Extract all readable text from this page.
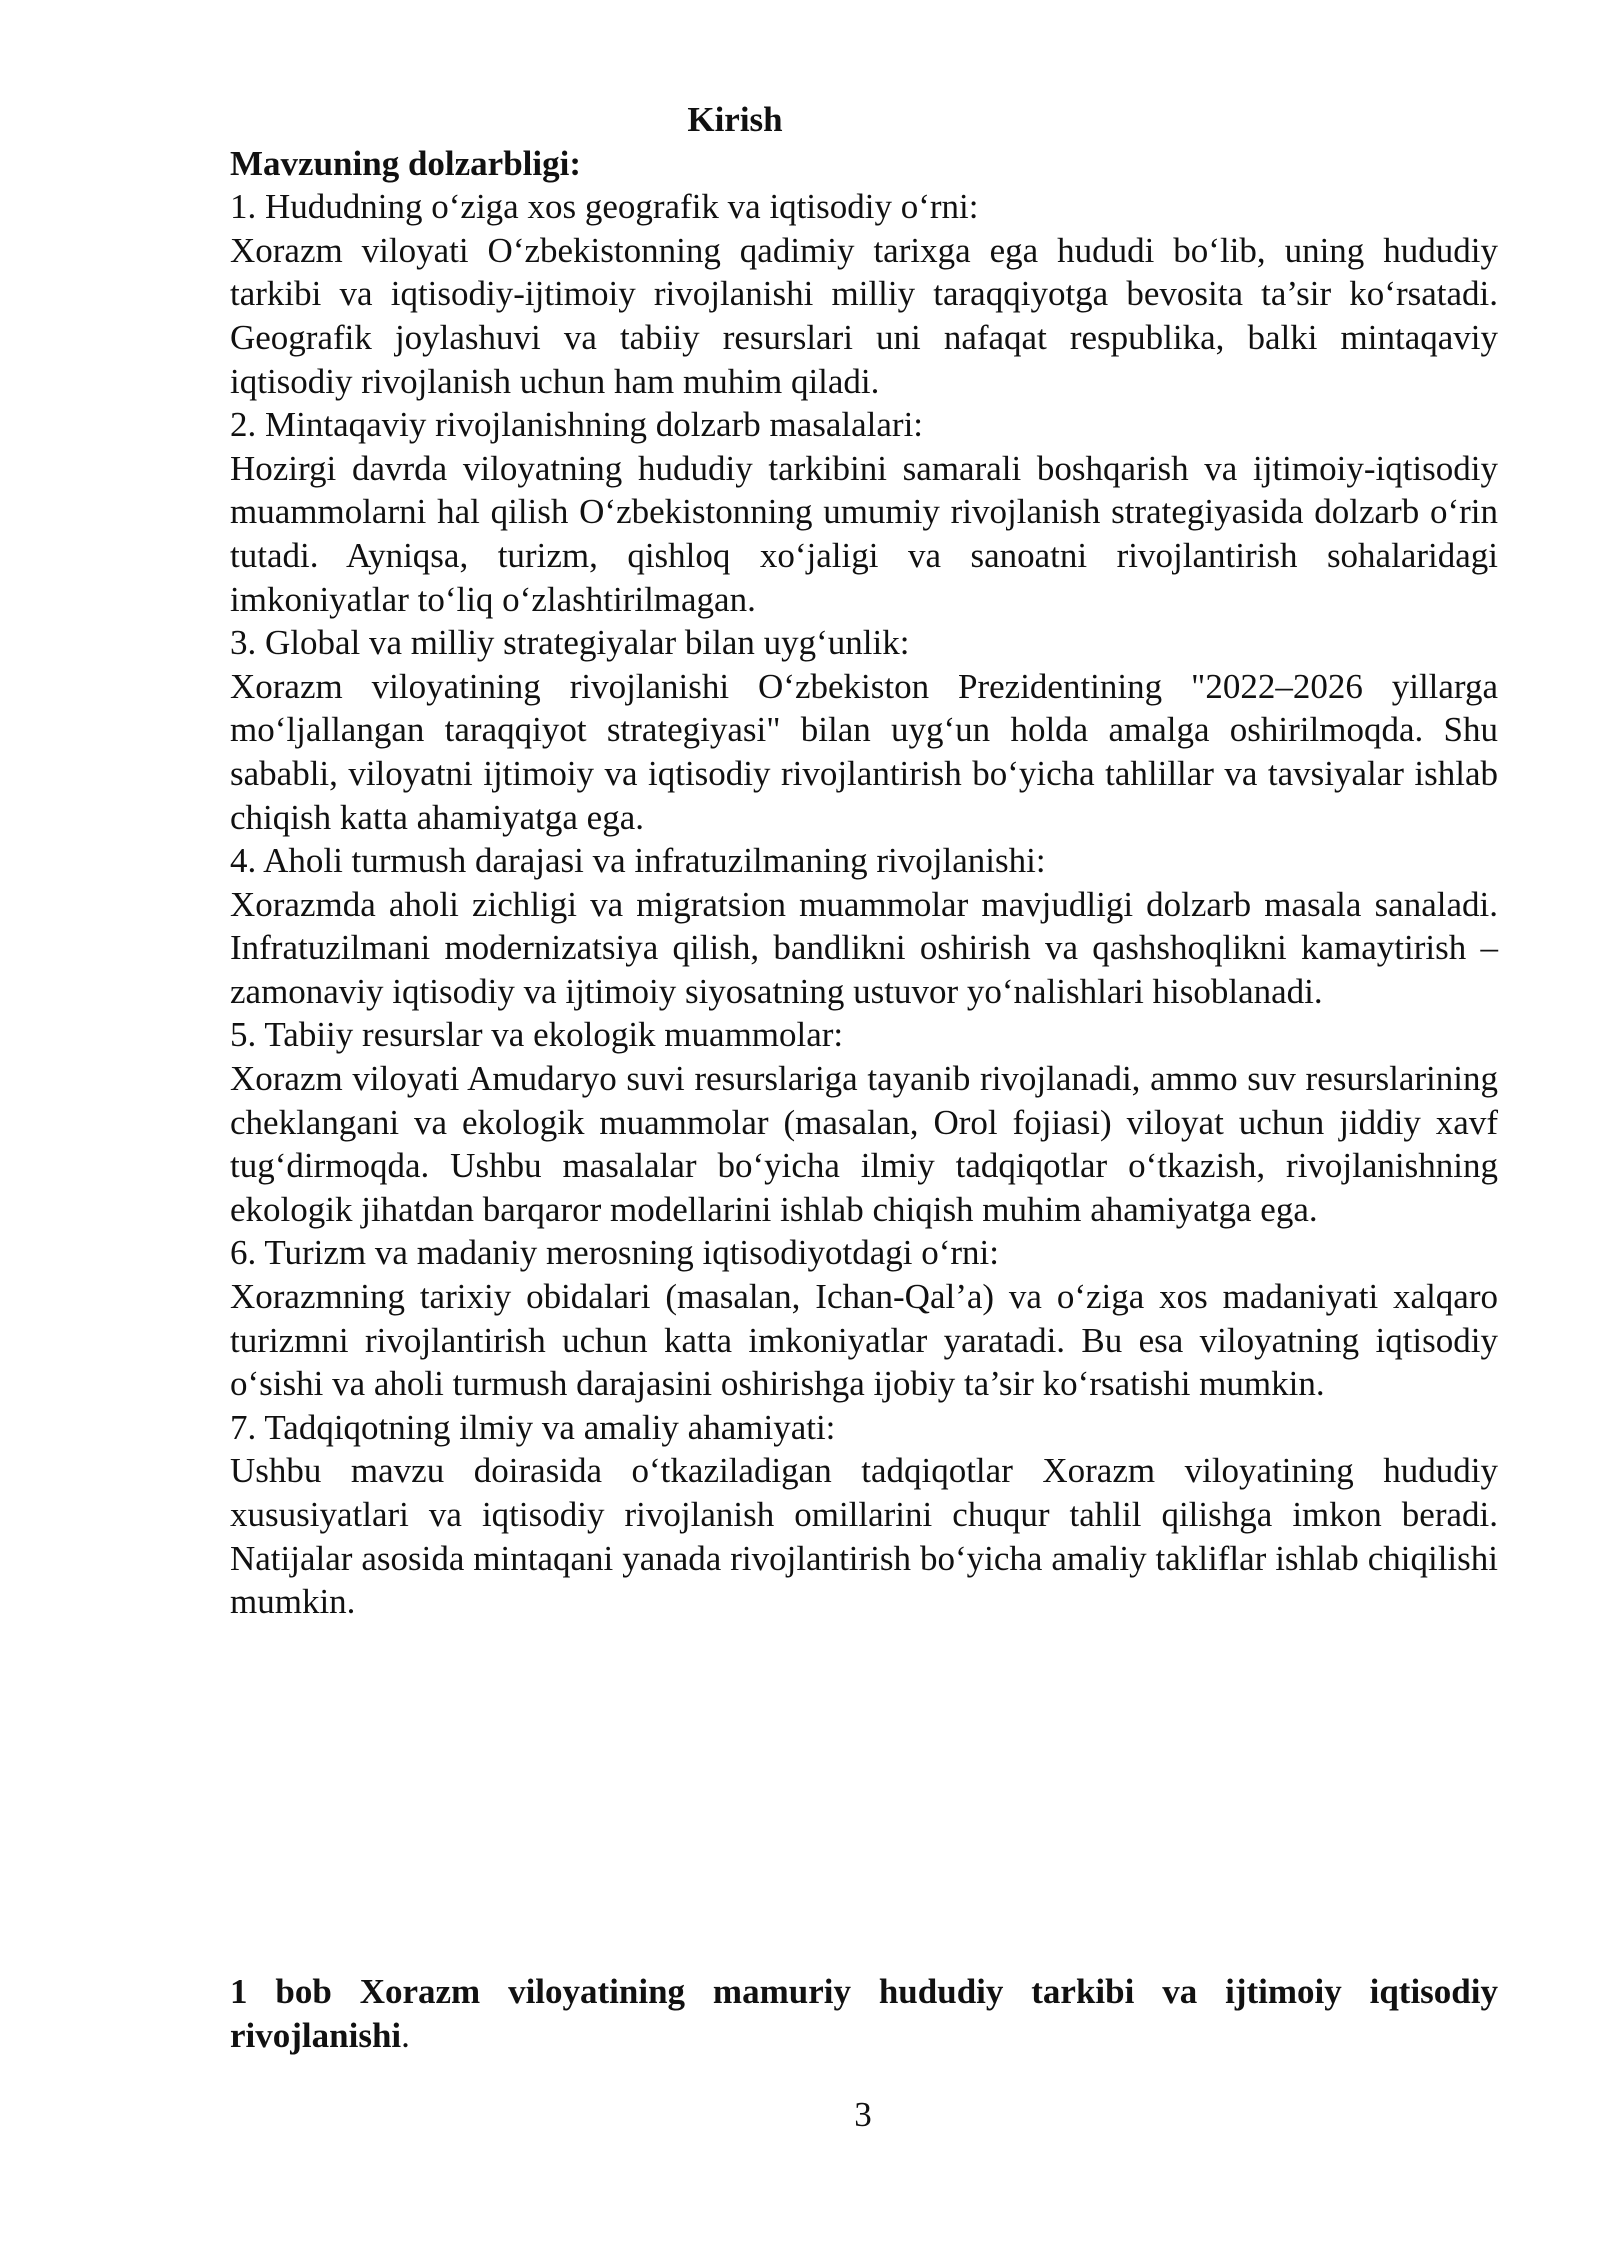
Kirish

Mavzuning dolzarbligi:

1. Hududning o‘ziga xos geografik va iqtisodiy o‘rni:

Xorazm viloyati O‘zbekistonning qadimiy tarixga ega hududi bo‘lib, uning hududiy tarkibi va iqtisodiy-ijtimoiy rivojlanishi milliy taraqqiyotga bevosita ta’sir ko‘rsatadi. Geografik joylashuvi va tabiiy resurslari uni nafaqat respublika, balki mintaqaviy iqtisodiy rivojlanish uchun ham muhim qiladi.

2. Mintaqaviy rivojlanishning dolzarb masalalari:

Hozirgi davrda viloyatning hududiy tarkibini samarali boshqarish va ijtimoiy-iqtisodiy muammolarni hal qilish O‘zbekistonning umumiy rivojlanish strategiyasida dolzarb o‘rin tutadi. Ayniqsa, turizm, qishloq xo‘jaligi va sanoatni rivojlantirish sohalaridagi imkoniyatlar to‘liq o‘zlashtirilmagan.

3. Global va milliy strategiyalar bilan uyg‘unlik:

Xorazm viloyatining rivojlanishi O‘zbekiston Prezidentining "2022–2026 yillarga mo‘ljallangan taraqqiyot strategiyasi" bilan uyg‘un holda amalga oshirilmoqda. Shu sababli, viloyatni ijtimoiy va iqtisodiy rivojlantirish bo‘yicha tahlillar va tavsiyalar ishlab chiqish katta ahamiyatga ega.

4. Aholi turmush darajasi va infratuzilmaning rivojlanishi:

Xorazmda aholi zichligi va migratsion muammolar mavjudligi dolzarb masala sanaladi. Infratuzilmani modernizatsiya qilish, bandlikni oshirish va qashshoqlikni kamaytirish – zamonaviy iqtisodiy va ijtimoiy siyosatning ustuvor yo‘nalishlari hisoblanadi.

5. Tabiiy resurslar va ekologik muammolar:

Xorazm viloyati Amudaryo suvi resurslariga tayanib rivojlanadi, ammo suv resurslarining cheklangani va ekologik muammolar (masalan, Orol fojiasi) viloyat uchun jiddiy xavf tug‘dirmoqda. Ushbu masalalar bo‘yicha ilmiy tadqiqotlar o‘tkazish, rivojlanishning ekologik jihatdan barqaror modellarini ishlab chiqish muhim ahamiyatga ega.

6. Turizm va madaniy merosning iqtisodiyotdagi o‘rni:

Xorazmning tarixiy obidalari (masalan, Ichan-Qal’a) va o‘ziga xos madaniyati xalqaro turizmni rivojlantirish uchun katta imkoniyatlar yaratadi. Bu esa viloyatning iqtisodiy o‘sishi va aholi turmush darajasini oshirishga ijobiy ta’sir ko‘rsatishi mumkin.

7. Tadqiqotning ilmiy va amaliy ahamiyati:

Ushbu mavzu doirasida o‘tkaziladigan tadqiqotlar Xorazm viloyatining hududiy xususiyatlari va iqtisodiy rivojlanish omillarini chuqur tahlil qilishga imkon beradi. Natijalar asosida mintaqani yanada rivojlantirish bo‘yicha amaliy takliflar ishlab chiqilishi mumkin.

1 bob Xorazm viloyatining mamuriy hududiy tarkibi va ijtimoiy iqtisodiy rivojlanishi.

3
